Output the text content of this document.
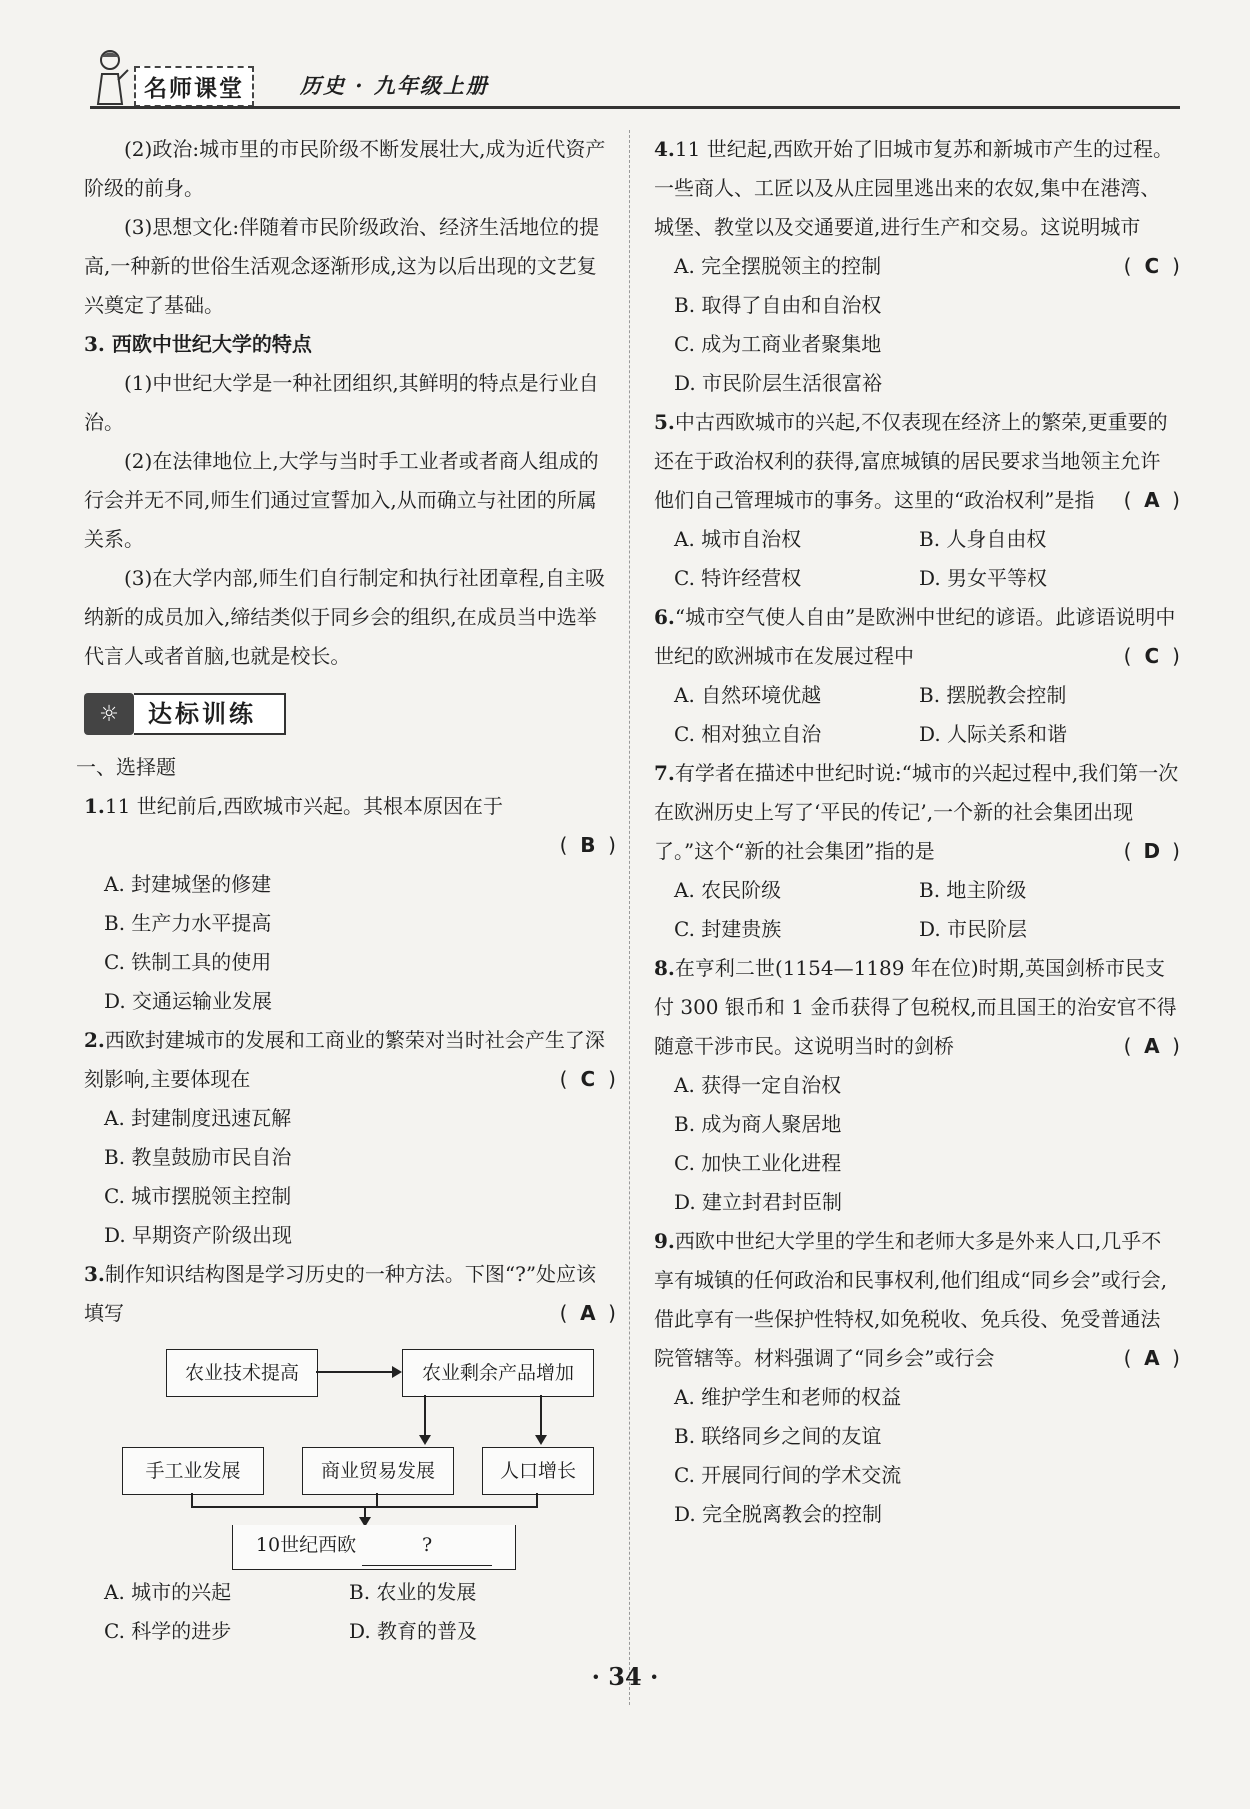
名师课堂	历史 · 九年级上册

(2)政治:城市里的市民阶级不断发展壮大,成为近代资产阶级的前身。

(3)思想文化:伴随着市民阶级政治、经济生活地位的提高,一种新的世俗生活观念逐渐形成,这为以后出现的文艺复兴奠定了基础。

3. 西欧中世纪大学的特点

(1)中世纪大学是一种社团组织,其鲜明的特点是行业自治。

(2)在法律地位上,大学与当时手工业者或者商人组成的行会并无不同,师生们通过宣誓加入,从而确立与社团的所属关系。

(3)在大学内部,师生们自行制定和执行社团章程,自主吸纳新的成员加入,缔结类似于同乡会的组织,在成员当中选举代言人或者首脑,也就是校长。

☼	达标训练

一、选择题

1.11 世纪前后,西欧城市兴起。其根本原因在于
( B )

A. 封建城堡的修建

B. 生产力水平提高

C. 铁制工具的使用

D. 交通运输业发展

2.西欧封建城市的发展和工商业的繁荣对当时社会产生了深刻影响,主要体现在	( C )

A. 封建制度迅速瓦解

B. 教皇鼓励市民自治

C. 城市摆脱领主控制

D. 早期资产阶级出现

3.制作知识结构图是学习历史的一种方法。下图“?”处应该填写	( A )
农业技术提高	农业剩余产品增加
手工业发展	商业贸易发展	人口增长
10世纪西欧	?
A. 城市的兴起	B. 农业的发展
C. 科学的进步	D. 教育的普及
4.11 世纪起,西欧开始了旧城市复苏和新城市产生的过程。一些商人、工匠以及从庄园里逃出来的农奴,集中在港湾、城堡、教堂以及交通要道,进行生产和交易。这说明城市
( C )

A. 完全摆脱领主的控制

B. 取得了自由和自治权

C. 成为工商业者聚集地

D. 市民阶层生活很富裕

5.中古西欧城市的兴起,不仅表现在经济上的繁荣,更重要的还在于政治权利的获得,富庶城镇的居民要求当地领主允许他们自己管理城市的事务。这里的“政治权利”是指 ( A )
A. 城市自治权	B. 人身自由权
C. 特许经营权	D. 男女平等权
6.“城市空气使人自由”是欧洲中世纪的谚语。此谚语说明中世纪的欧洲城市在发展过程中	( C )
A. 自然环境优越	B. 摆脱教会控制
C. 相对独立自治	D. 人际关系和谐
7.有学者在描述中世纪时说:“城市的兴起过程中,我们第一次在欧洲历史上写了‘平民的传记’,一个新的社会集团出现了。”这个“新的社会集团”指的是	( D )
A. 农民阶级	B. 地主阶级
C. 封建贵族	D. 市民阶层
8.在亨利二世(1154—1189 年在位)时期,英国剑桥市民支付 300 银币和 1 金币获得了包税权,而且国王的治安官不得随意干涉市民。这说明当时的剑桥	( A )

A. 获得一定自治权

B. 成为商人聚居地

C. 加快工业化进程

D. 建立封君封臣制

9.西欧中世纪大学里的学生和老师大多是外来人口,几乎不享有城镇的任何政治和民事权利,他们组成“同乡会”或行会,借此享有一些保护性特权,如免税收、免兵役、免受普通法院管辖等。材料强调了“同乡会”或行会	( A )

A. 维护学生和老师的权益

B. 联络同乡之间的友谊

C. 开展同行间的学术交流

D. 完全脱离教会的控制

· 34 ·
